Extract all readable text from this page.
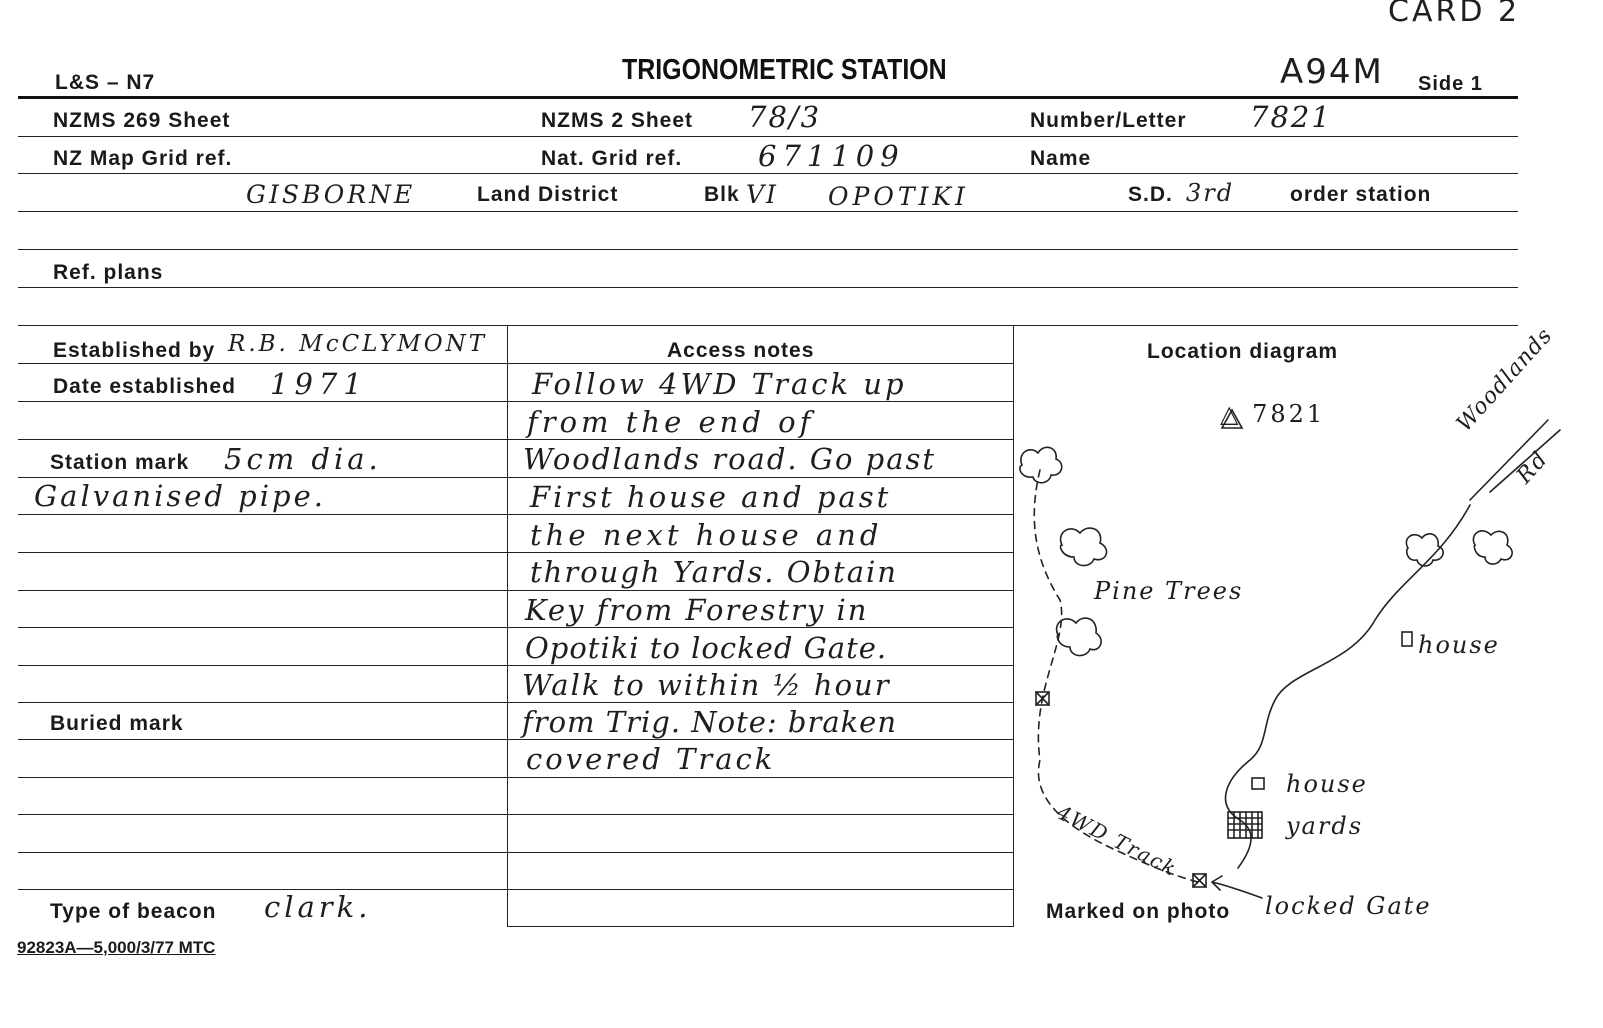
CARD 2
L&S – N7	TRIGONOMETRIC STATION	A94M Side 1
NZMS 269 Sheet	NZMS 2 Sheet 78/3	Number/Letter 7821
NZ Map Grid ref.	Nat. Grid ref.	671109	Name
GISBORNE	Land District	Blk VI OPOTIKI	S.D. 3rd	order station
Ref. plans
Established by R.B. McCLYMONT
Date established 1971
Station mark 5cm dia.
Galvanised pipe.
Buried mark
Type of beacon clark.
Access notes
Follow 4WD Track up
from the end of
Woodlands road. Go past
First house and past
the next house and
through Yards. Obtain
Key from Forestry in
Opotiki to locked Gate.
Walk to within ½ hour
from Trig. Note: braken
covered Track
Location diagram
△ 7821	Woodlands
Rd
Pine Trees
house
house
yards
4WD Track
locked Gate
Marked on photo
92823A—5,000/3/77 MTC
